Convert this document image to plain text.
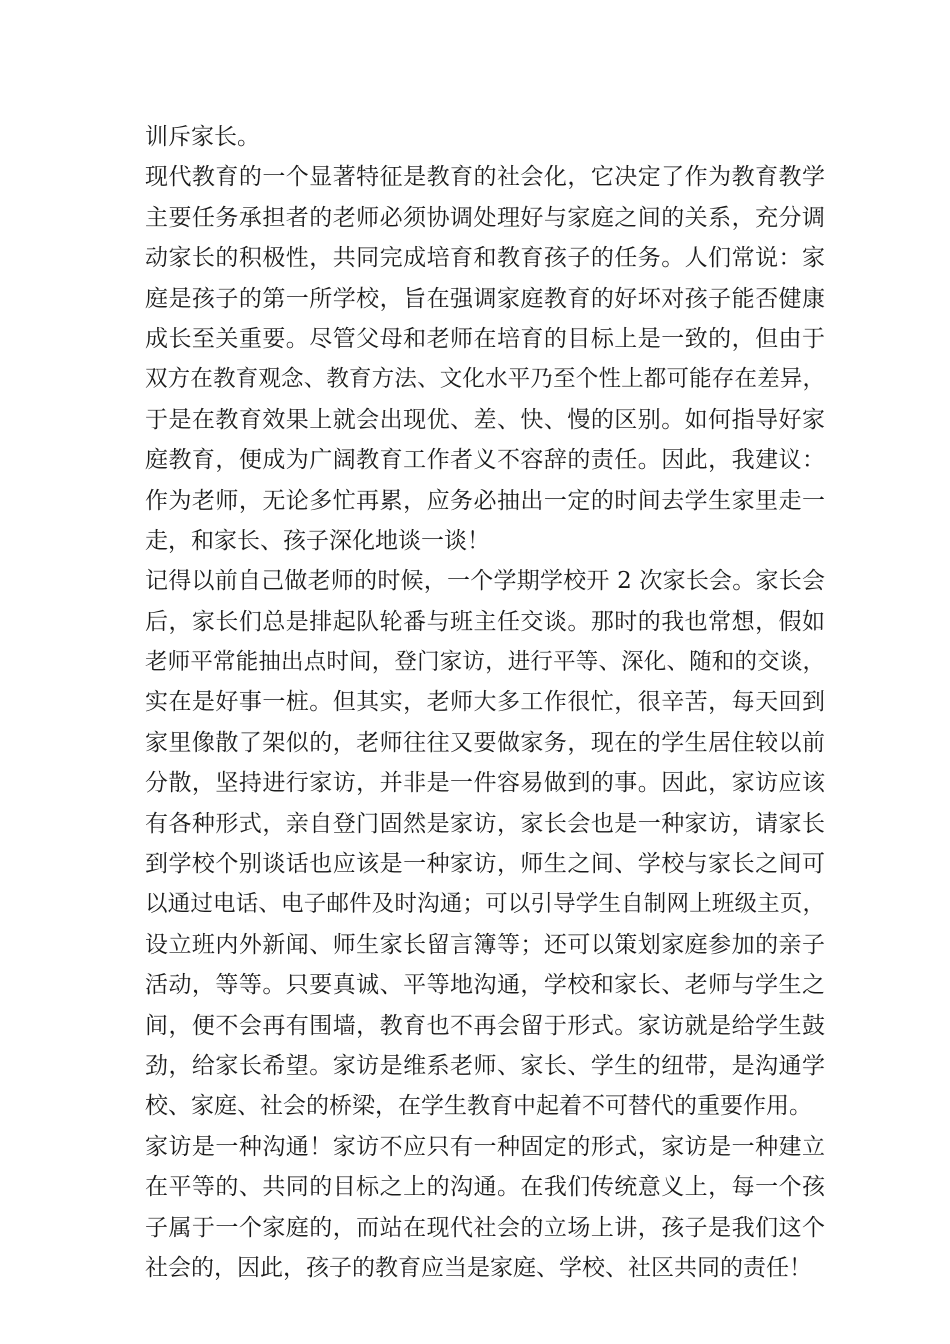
训斥家长。
现代教育的一个显著特征是教育的社会化，它决定了作为教育教学
主要任务承担者的老师必须协调处理好与家庭之间的关系，充分调
动家长的积极性，共同完成培育和教育孩子的任务。人们常说：家
庭是孩子的第一所学校，旨在强调家庭教育的好坏对孩子能否健康
成长至关重要。尽管父母和老师在培育的目标上是一致的，但由于
双方在教育观念、教育方法、文化水平乃至个性上都可能存在差异，
于是在教育效果上就会出现优、差、快、慢的区别。如何指导好家
庭教育，便成为广阔教育工作者义不容辞的责任。因此，我建议：
作为老师，无论多忙再累，应务必抽出一定的时间去学生家里走一
走，和家长、孩子深化地谈一谈！
记得以前自己做老师的时候，一个学期学校开 2 次家长会。家长会
后，家长们总是排起队轮番与班主任交谈。那时的我也常想，假如
老师平常能抽出点时间，登门家访，进行平等、深化、随和的交谈，
实在是好事一桩。但其实，老师大多工作很忙，很辛苦，每天回到
家里像散了架似的，老师往往又要做家务，现在的学生居住较以前
分散，坚持进行家访，并非是一件容易做到的事。因此，家访应该
有各种形式，亲自登门固然是家访，家长会也是一种家访，请家长
到学校个别谈话也应该是一种家访，师生之间、学校与家长之间可
以通过电话、电子邮件及时沟通；可以引导学生自制网上班级主页，
设立班内外新闻、师生家长留言簿等；还可以策划家庭参加的亲子
活动，等等。只要真诚、平等地沟通，学校和家长、老师与学生之
间，便不会再有围墙，教育也不再会留于形式。家访就是给学生鼓
劲，给家长希望。家访是维系老师、家长、学生的纽带，是沟通学
校、家庭、社会的桥梁，在学生教育中起着不可替代的重要作用。
家访是一种沟通！家访不应只有一种固定的形式，家访是一种建立
在平等的、共同的目标之上的沟通。在我们传统意义上，每一个孩
子属于一个家庭的，而站在现代社会的立场上讲，孩子是我们这个
社会的，因此，孩子的教育应当是家庭、学校、社区共同的责任！
